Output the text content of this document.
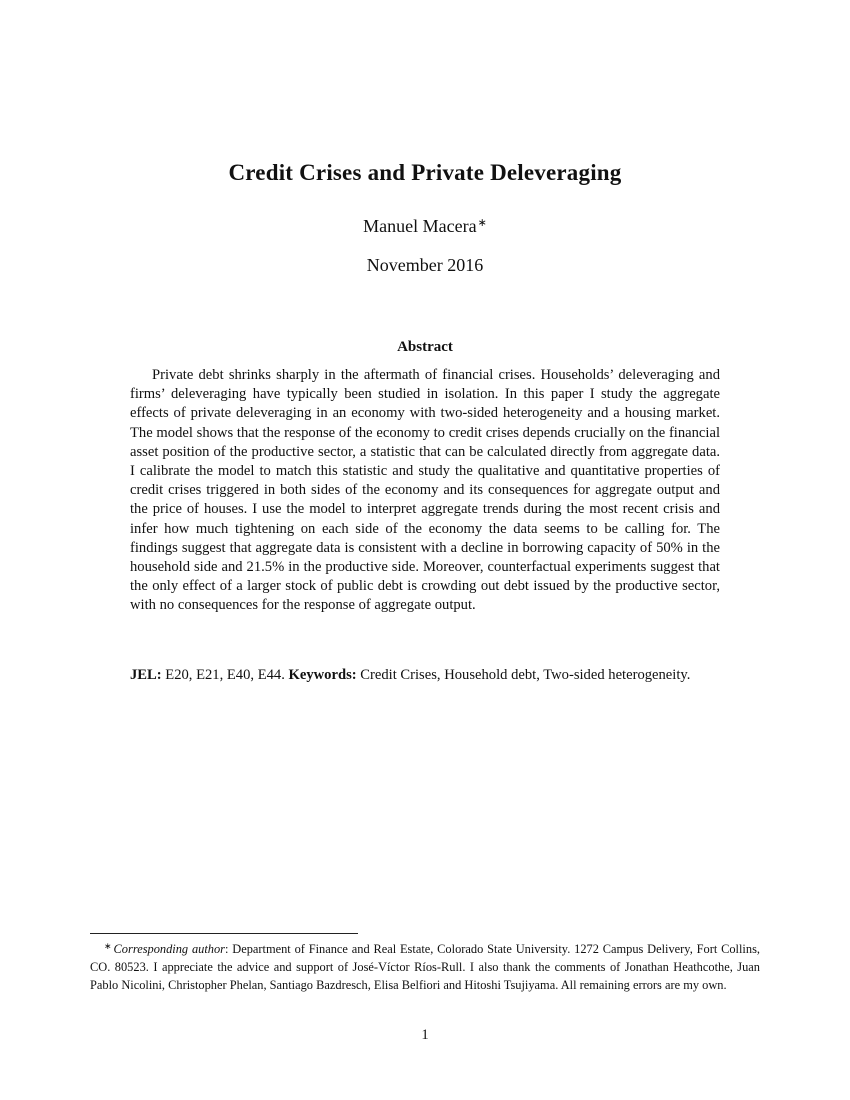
Credit Crises and Private Deleveraging
Manuel Macera∗
November 2016
Abstract
Private debt shrinks sharply in the aftermath of financial crises. Households’ deleveraging and firms’ deleveraging have typically been studied in isolation. In this paper I study the aggregate effects of private deleveraging in an economy with two-sided heterogeneity and a housing market. The model shows that the response of the economy to credit crises depends crucially on the financial asset position of the productive sector, a statistic that can be calculated directly from aggregate data. I calibrate the model to match this statistic and study the qualitative and quantitative properties of credit crises triggered in both sides of the economy and its consequences for aggregate output and the price of houses. I use the model to interpret aggregate trends during the most recent crisis and infer how much tightening on each side of the economy the data seems to be calling for. The findings suggest that aggregate data is consistent with a decline in borrowing capacity of 50% in the household side and 21.5% in the productive side. Moreover, counterfactual experiments suggest that the only effect of a larger stock of public debt is crowding out debt issued by the productive sector, with no consequences for the response of aggregate output.
JEL: E20, E21, E40, E44. Keywords: Credit Crises, Household debt, Two-sided heterogeneity.
∗ Corresponding author: Department of Finance and Real Estate, Colorado State University. 1272 Campus Delivery, Fort Collins, CO. 80523. I appreciate the advice and support of José-Víctor Ríos-Rull. I also thank the comments of Jonathan Heathcothe, Juan Pablo Nicolini, Christopher Phelan, Santiago Bazdresch, Elisa Belfiori and Hitoshi Tsujiyama. All remaining errors are my own.
1
